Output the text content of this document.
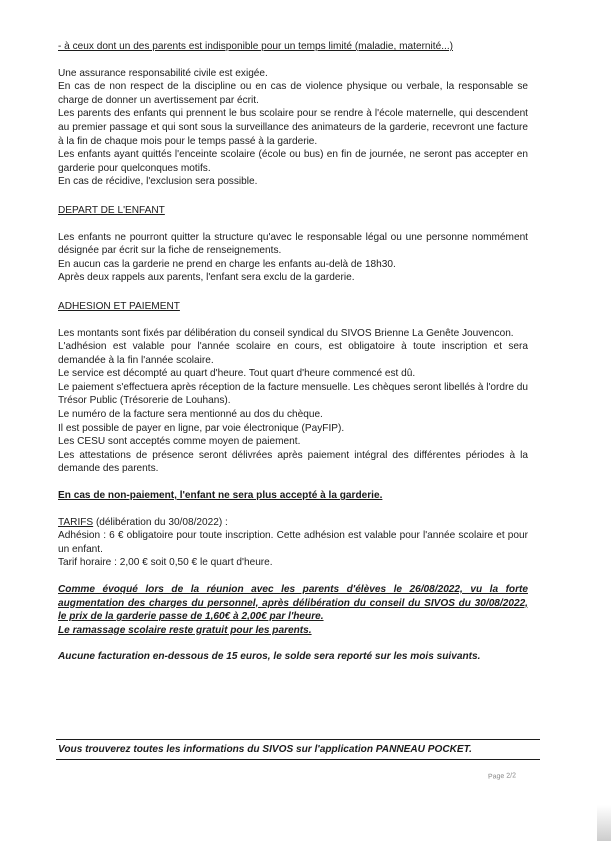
- à ceux dont un des parents est indisponible pour un temps limité (maladie, maternité...)

Une assurance responsabilité civile est exigée.

En cas de non respect de la discipline ou en cas de violence physique ou verbale, la responsable se charge de donner un avertissement par écrit.

Les parents des enfants qui prennent le bus scolaire pour se rendre à l'école maternelle, qui descendent au premier passage et qui sont sous la surveillance des animateurs de la garderie, recevront une facture à la fin de chaque mois pour le temps passé à la garderie.

Les enfants ayant quittés l'enceinte scolaire (école ou bus) en fin de journée, ne seront pas accepter en garderie pour quelconques motifs.

En cas de récidive, l'exclusion sera possible.

DEPART DE L'ENFANT

Les enfants ne pourront quitter la structure qu'avec le responsable légal ou une personne nommément désignée par écrit sur la fiche de renseignements.

En aucun cas la garderie ne prend en charge les enfants au-delà de 18h30.

Après deux rappels aux parents, l'enfant sera exclu de la garderie.

ADHESION ET PAIEMENT

Les montants sont fixés par délibération du conseil syndical du SIVOS Brienne La Genête Jouvencon.

L'adhésion est valable pour l'année scolaire en cours, est obligatoire à toute inscription et sera demandée à la fin l'année scolaire.

Le service est décompté au quart d'heure. Tout quart d'heure commencé est dû.

Le paiement s'effectuera après réception de la facture mensuelle. Les chèques seront libellés à l'ordre du Trésor Public (Trésorerie de Louhans).

Le numéro de la facture sera mentionné au dos du chèque.

Il est possible de payer en ligne, par voie électronique (PayFIP).

Les CESU sont acceptés comme moyen de paiement.

Les attestations de présence seront délivrées après paiement intégral des différentes périodes à la demande des parents.

En cas de non-paiement, l'enfant ne sera plus accepté à la garderie.

TARIFS (délibération du 30/08/2022) :

Adhésion : 6 € obligatoire pour toute inscription. Cette adhésion est valable pour l'année scolaire et pour un enfant.

Tarif horaire : 2,00 € soit 0,50 € le quart d'heure.

Comme évoqué lors de la réunion avec les parents d'élèves le 26/08/2022, vu la forte augmentation des charges du personnel, après délibération du conseil du SIVOS du 30/08/2022, le prix de la garderie passe de 1,60€ à 2,00€ par l'heure.

Le ramassage scolaire reste gratuit pour les parents.

Aucune facturation en-dessous de 15 euros, le solde sera reporté sur les mois suivants.

Vous trouverez toutes les informations du SIVOS sur l'application PANNEAU POCKET.
Page 2/2
